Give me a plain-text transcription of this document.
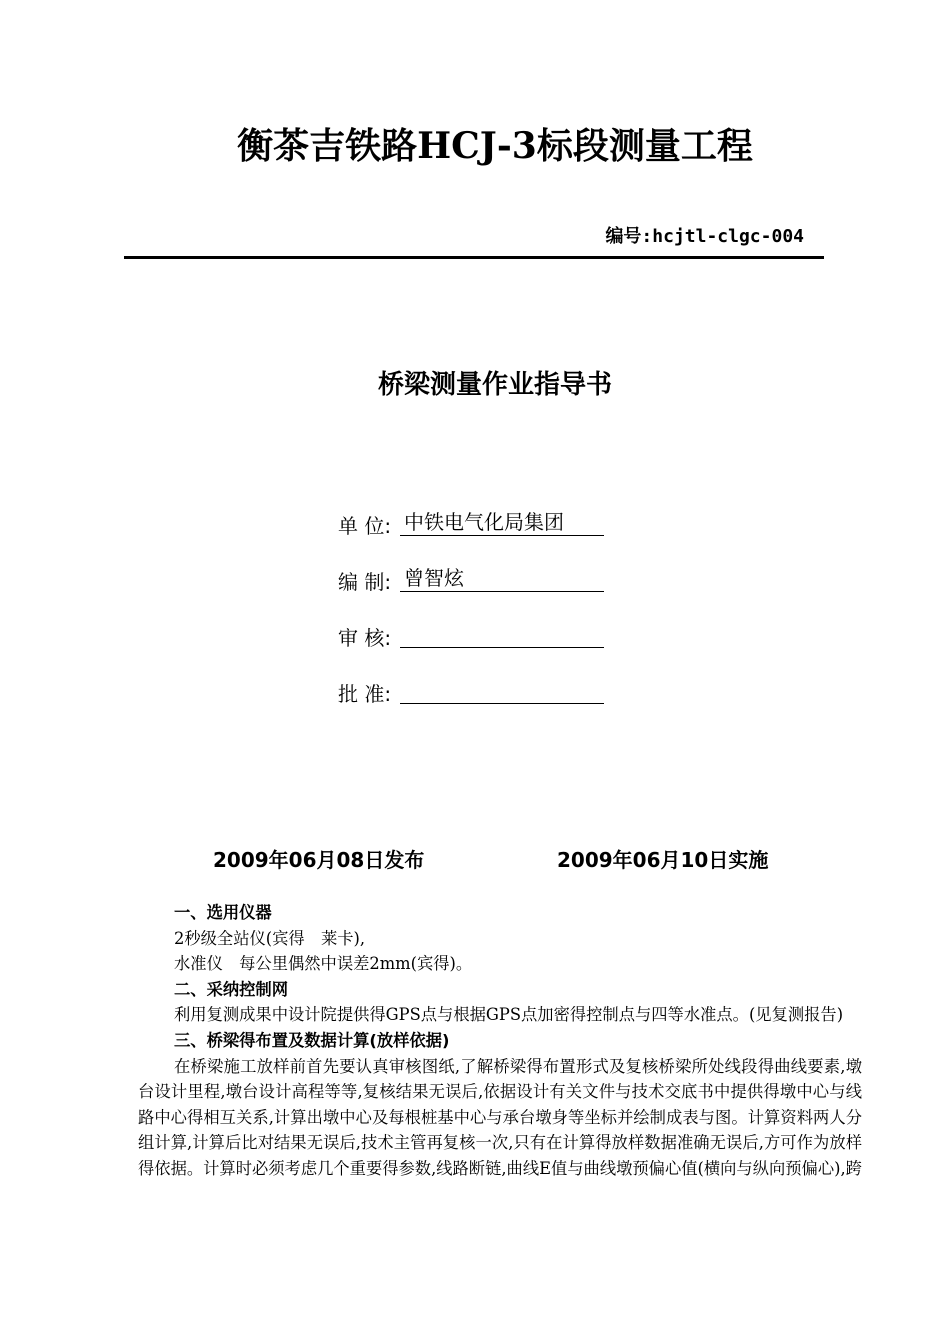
衡茶吉铁路HCJ-3标段测量工程
编号:hcjtl-clgc-004
桥梁测量作业指导书
单 位: 中铁电气化局集团
编 制: 曾智炫
审 核:
批 准:
2009年06月08日发布	2009年06月10日实施
一、选用仪器
2秒级全站仪(宾得　莱卡),
水准仪　每公里偶然中误差2mm(宾得)。
二、采纳控制网
利用复测成果中设计院提供得GPS点与根据GPS点加密得控制点与四等水准点。(见复测报告)
三、桥梁得布置及数据计算(放样依据)
在桥梁施工放样前首先要认真审核图纸,了解桥梁得布置形式及复核桥梁所处线段得曲线要素,墩台设计里程,墩台设计高程等等,复核结果无误后,依据设计有关文件与技术交底书中提供得墩中心与线路中心得相互关系,计算出墩中心及每根桩基中心与承台墩身等坐标并绘制成表与图。计算资料两人分组计算,计算后比对结果无误后,技术主管再复核一次,只有在计算得放样数据准确无误后,方可作为放样得依据。计算时必须考虑几个重要得参数,线路断链,曲线E值与曲线墩预偏心值(横向与纵向预偏心),跨
